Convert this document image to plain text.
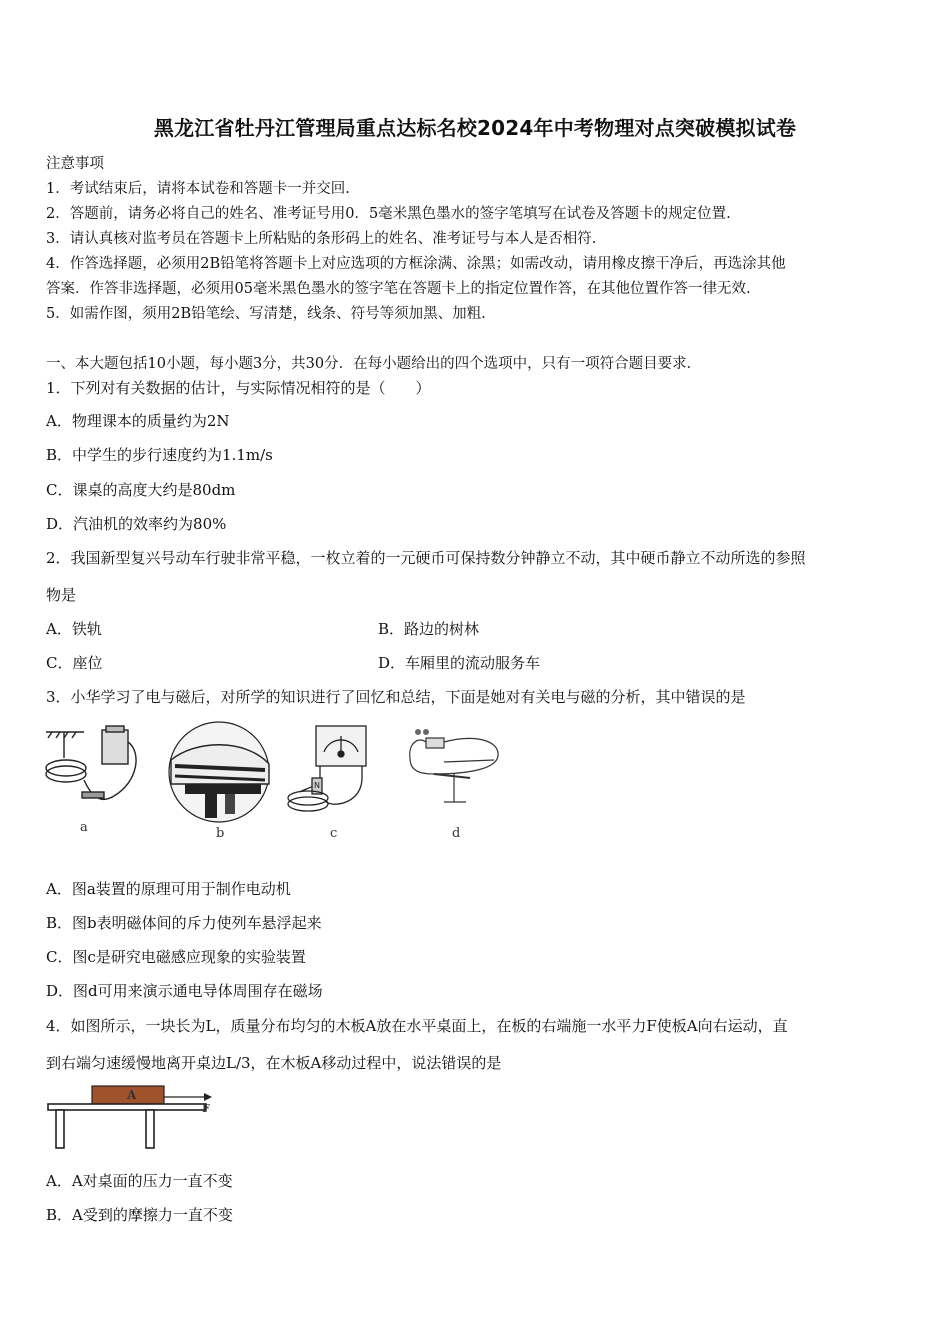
黑龙江省牡丹江管理局重点达标名校2024年中考物理对点突破模拟试卷
注意事项
1．考试结束后，请将本试卷和答题卡一并交回.
2．答题前，请务必将自己的姓名、准考证号用0．5毫米黑色墨水的签字笔填写在试卷及答题卡的规定位置.
3．请认真核对监考员在答题卡上所粘贴的条形码上的姓名、准考证号与本人是否相符.
4．作答选择题，必须用2B铅笔将答题卡上对应选项的方框涂满、涂黑；如需改动，请用橡皮擦干净后，再选涂其他
答案．作答非选择题，必须用05毫米黑色墨水的签字笔在答题卡上的指定位置作答，在其他位置作答一律无效.
5．如需作图，须用2B铅笔绘、写清楚，线条、符号等须加黑、加粗.
一、本大题包括10小题，每小题3分，共30分．在每小题给出的四个选项中，只有一项符合题目要求．
1．下列对有关数据的估计，与实际情况相符的是（　　）
A．物理课本的质量约为2N
B．中学生的步行速度约为1.1m/s
C．课桌的高度大约是80dm
D．汽油机的效率约为80%
2．我国新型复兴号动车行驶非常平稳，一枚立着的一元硬币可保持数分钟静立不动，其中硬币静立不动所选的参照
物是
A．铁轨	B．路边的树林
C．座位	D．车厢里的流动服务车
3．小华学习了电与磁后，对所学的知识进行了回忆和总结，下面是她对有关电与磁的分析，其中错误的是
a	b
N
c	d
A．图a装置的原理可用于制作电动机
B．图b表明磁体间的斥力使列车悬浮起来
C．图c是研究电磁感应现象的实验装置
D．图d可用来演示通电导体周围存在磁场
4．如图所示，一块长为L，质量分布均匀的木板A放在水平桌面上，在板的右端施一水平力F使板A向右运动，直
到右端匀速缓慢地离开桌边L/3，在木板A移动过程中，说法错误的是
A
F
A．A对桌面的压力一直不变
B．A受到的摩擦力一直不变
